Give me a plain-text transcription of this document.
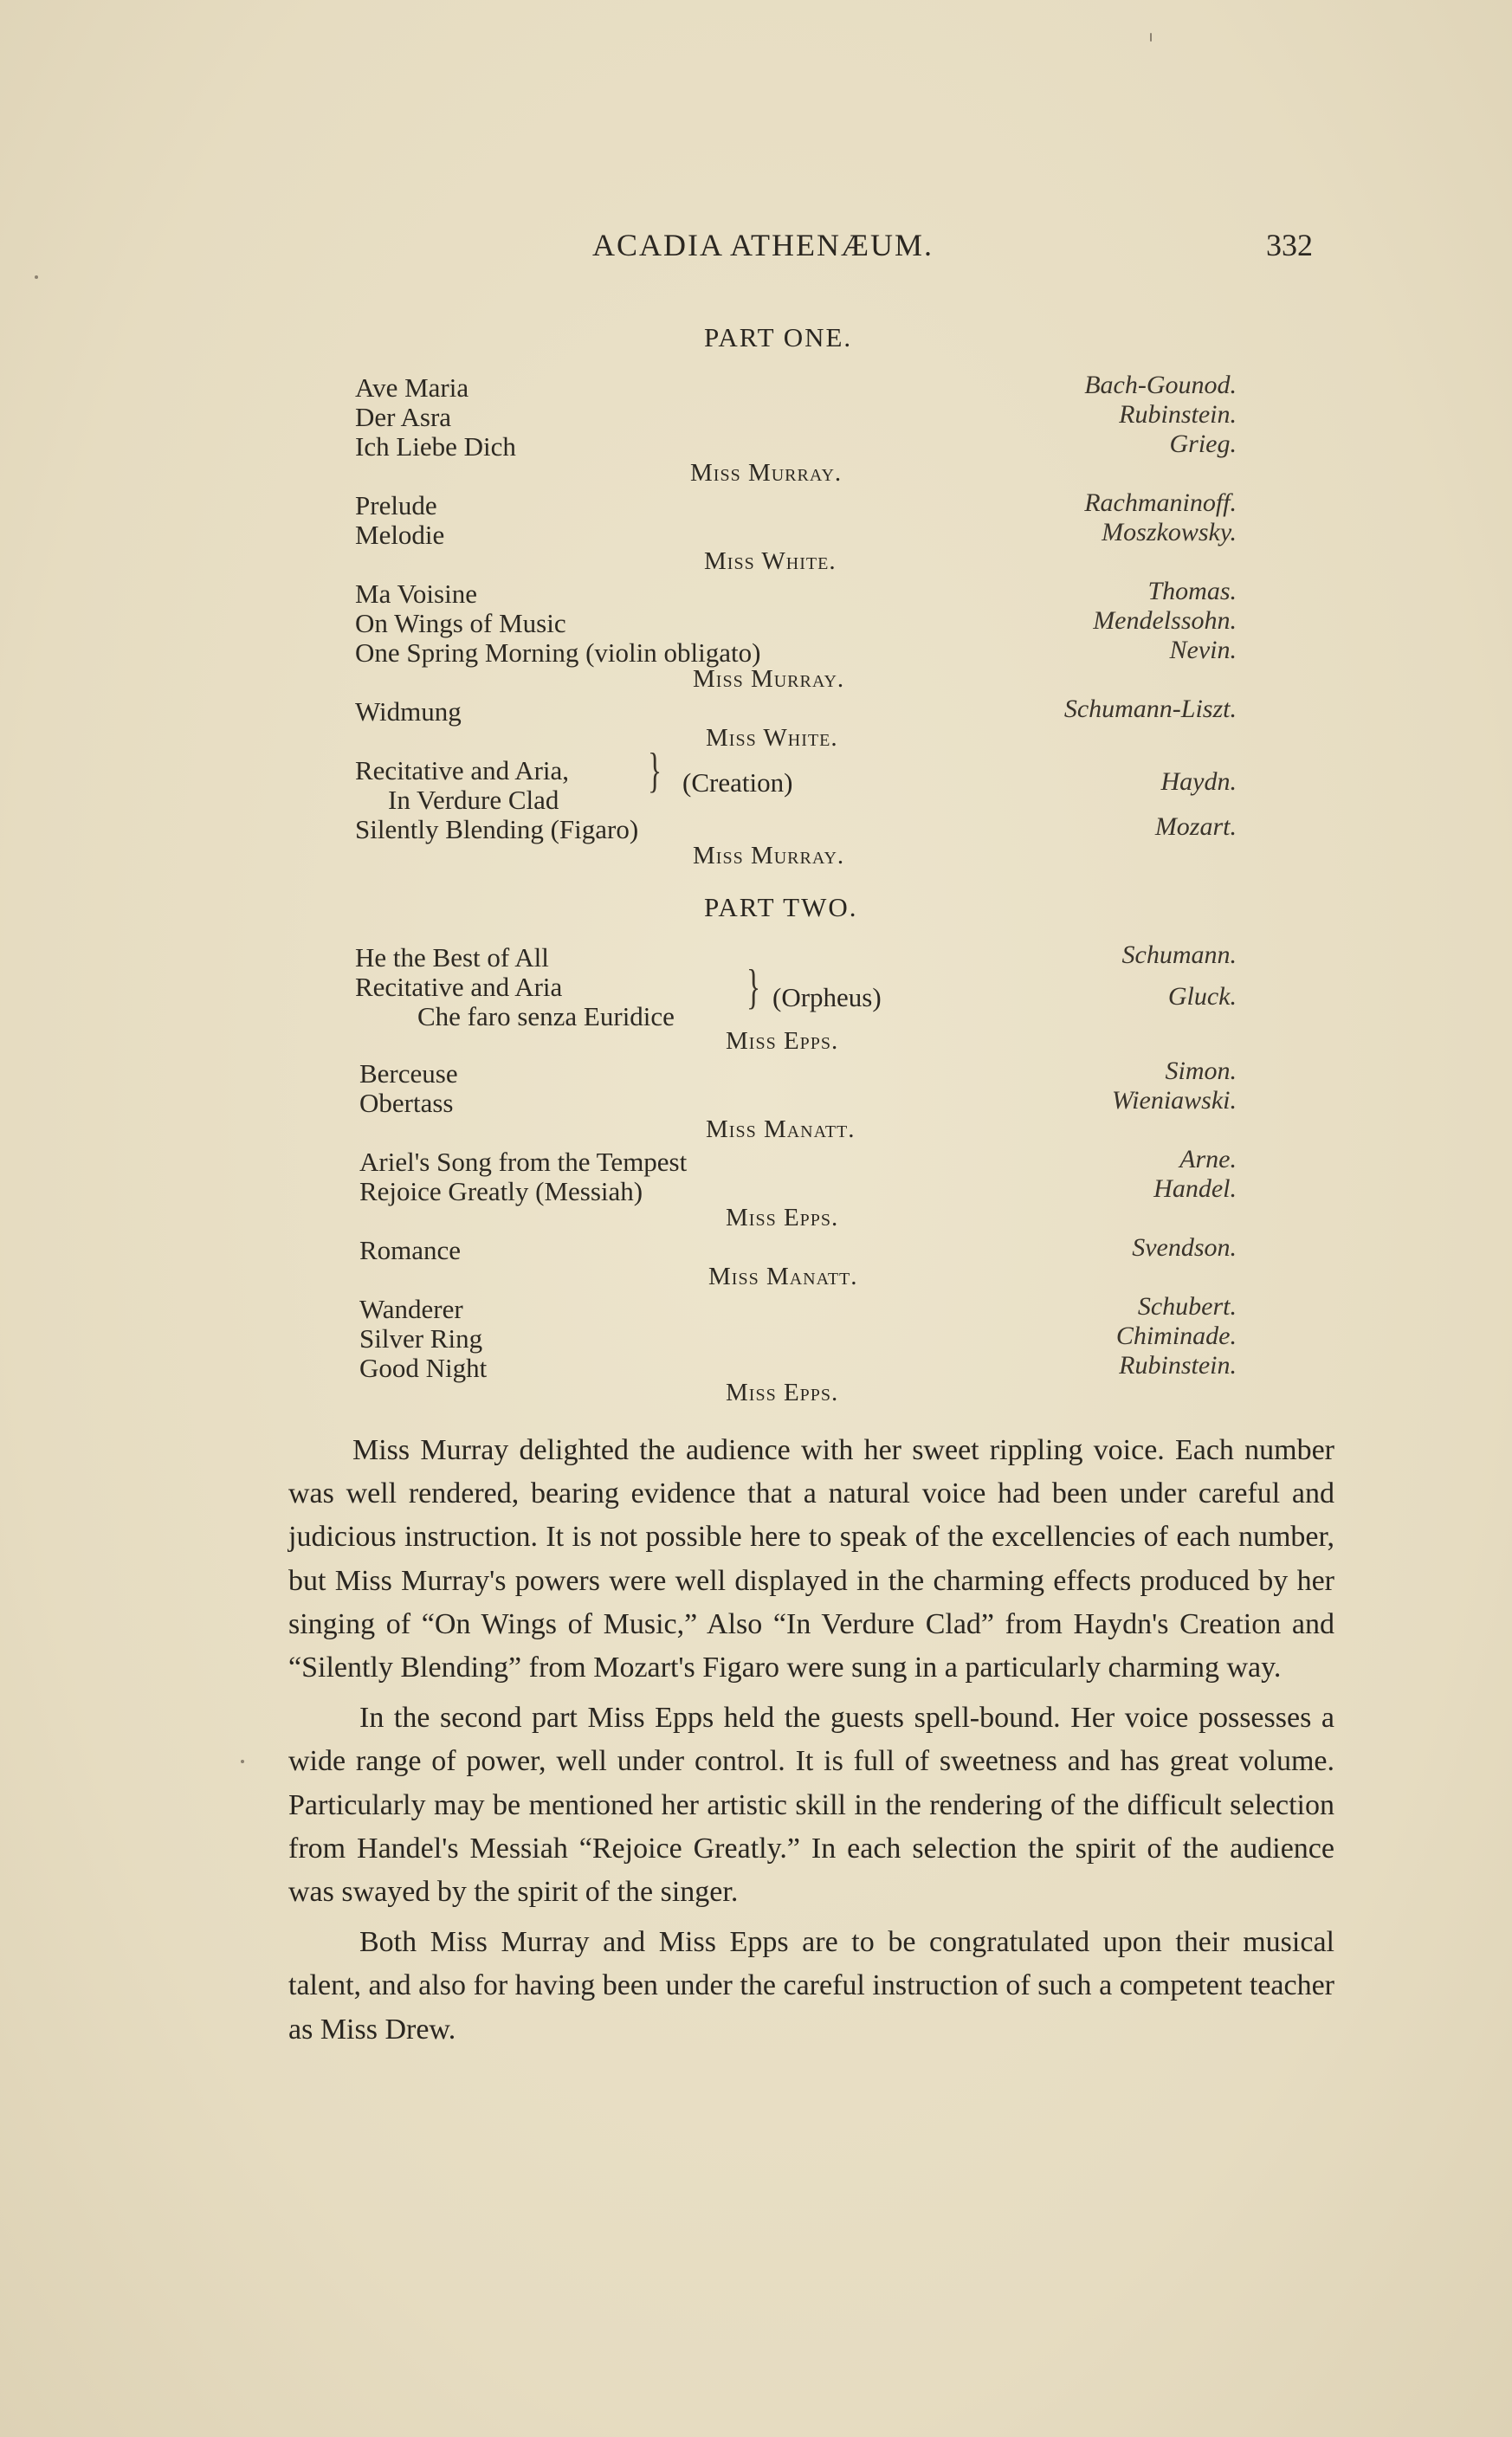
ACADIA ATHENÆUM.	332
PART ONE.
Ave Maria	Bach-Gounod.
Der Asra	Rubinstein.
Ich Liebe Dich	Grieg.
Miss Murray.
Prelude	Rachmaninoff.
Melodie	Moszkowsky.
Miss White.
Ma Voisine	Thomas.
On Wings of Music	Mendelssohn.
One Spring Morning (violin obligato)	Nevin.
Miss Murray.
Widmung	Schumann-Liszt.
Miss White.
Recitative and Aria,
In Verdure Clad
} (Creation)	Haydn.
Silently Blending (Figaro)	Mozart.
Miss Murray.
PART TWO.
He the Best of All	Schumann.
Recitative and Aria
Che faro senza Euridice
} (Orpheus)	Gluck.
Miss Epps.
Berceuse	Simon.
Obertass	Wieniawski.
Miss Manatt.
Ariel's Song from the Tempest	Arne.
Rejoice Greatly (Messiah)	Handel.
Miss Epps.
Romance	Svendson.
Miss Manatt.
Wanderer	Schubert.
Silver Ring	Chiminade.
Good Night	Rubinstein.
Miss Epps.

Miss Murray delighted the audience with her sweet rippling voice. Each number was well rendered, bearing evidence that a natural voice had been under careful and judicious instruction. It is not possible here to speak of the excellencies of each number, but Miss Murray's powers were well displayed in the charming effects produced by her singing of “On Wings of Music,” Also “In Verdure Clad” from Haydn's Creation and “Silently Blending” from Mozart's Figaro were sung in a particularly charming way.

In the second part Miss Epps held the guests spell-bound. Her voice possesses a wide range of power, well under control. It is full of sweetness and has great volume. Particularly may be mentioned her artistic skill in the rendering of the difficult selection from Handel's Messiah “Rejoice Greatly.” In each selection the spirit of the audience was swayed by the spirit of the singer.

Both Miss Murray and Miss Epps are to be congratulated upon their musical talent, and also for having been under the careful instruction of such a competent teacher as Miss Drew.
